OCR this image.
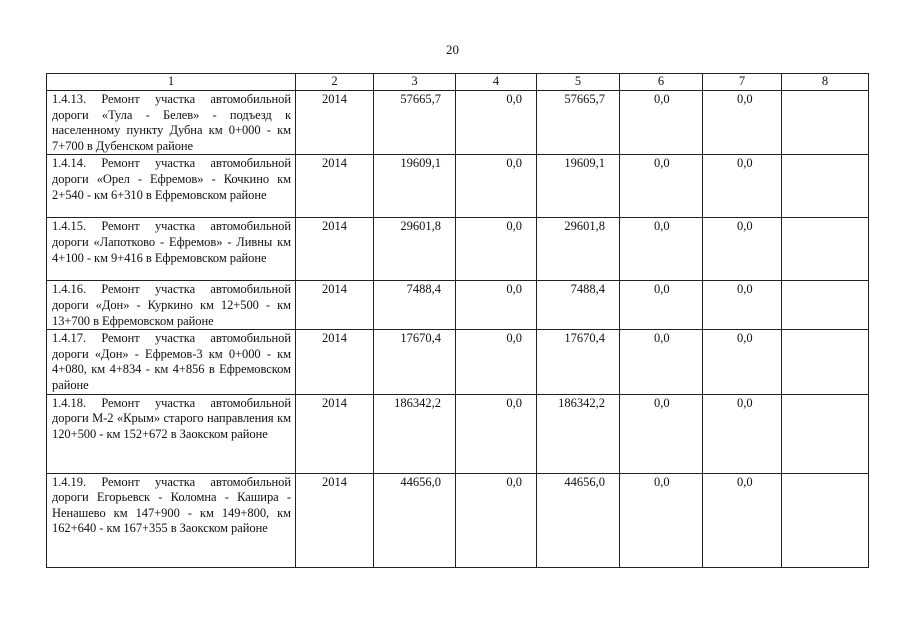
20
1	2	3	4	5	6	7	8
1.4.13. Ремонт участка автомобильной дороги «Тула - Белев» - подъезд к населенному пункту Дубна км 0+000 - км 7+700 в Дубенском районе	2014	57665,7	0,0	57665,7	0,0	0,0	
1.4.14. Ремонт участка автомобильной дороги «Орел - Ефремов» - Кочкино км 2+540 - км 6+310 в Ефремовском районе	2014	19609,1	0,0	19609,1	0,0	0,0	
1.4.15. Ремонт участка автомобильной дороги «Лапотково - Ефремов» - Ливны км 4+100 - км 9+416 в Ефремовском районе	2014	29601,8	0,0	29601,8	0,0	0,0	
1.4.16. Ремонт участка автомобильной дороги «Дон» - Куркино км 12+500 - км 13+700 в Ефремовском районе	2014	7488,4	0,0	7488,4	0,0	0,0	
1.4.17. Ремонт участка автомобильной дороги «Дон» - Ефремов-3 км 0+000 - км 4+080, км 4+834 - км 4+856 в Ефремовском районе	2014	17670,4	0,0	17670,4	0,0	0,0	
1.4.18. Ремонт участка автомобильной дороги М-2 «Крым» старого направления км 120+500 - км 152+672 в Заокском районе	2014	186342,2	0,0	186342,2	0,0	0,0	
1.4.19. Ремонт участка автомобильной дороги Егорьевск - Коломна - Кашира - Ненашево км 147+900 - км 149+800, км 162+640 - км 167+355 в Заокском районе	2014	44656,0	0,0	44656,0	0,0	0,0	
